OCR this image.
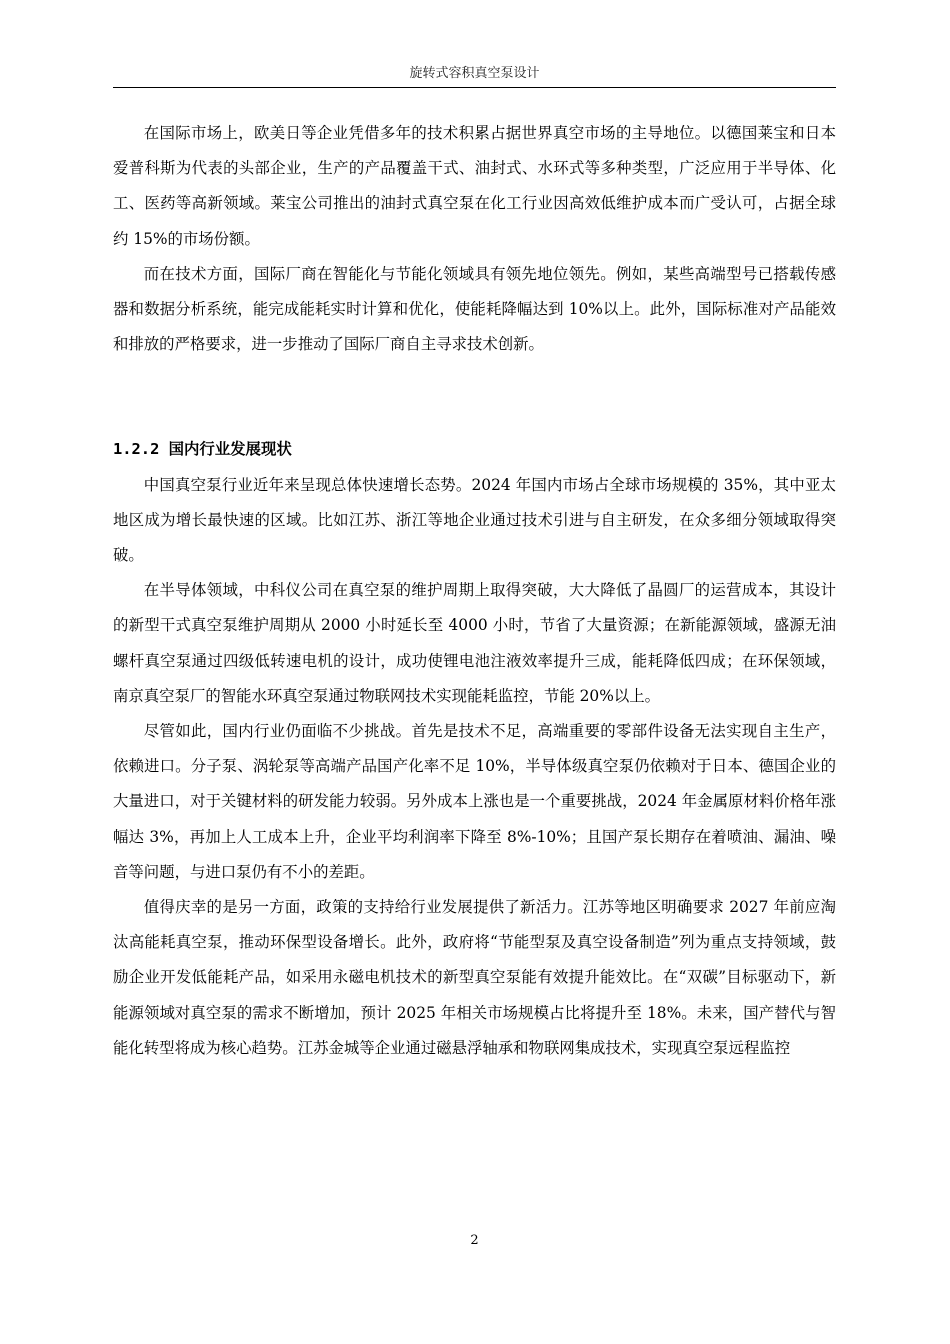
旋转式容积真空泵设计

在国际市场上，欧美日等企业凭借多年的技术积累占据世界真空市场的主导地位。以德国莱宝和日本爱普科斯为代表的头部企业，生产的产品覆盖干式、油封式、水环式等多种类型，广泛应用于半导体、化工、医药等高新领域。莱宝公司推出的油封式真空泵在化工行业因高效低维护成本而广受认可，占据全球约 15%的市场份额。

而在技术方面，国际厂商在智能化与节能化领域具有领先地位领先。例如，某些高端型号已搭载传感器和数据分析系统，能完成能耗实时计算和优化，使能耗降幅达到 10%以上。此外，国际标准对产品能效和排放的严格要求，进一步推动了国际厂商自主寻求技术创新。

1.2.2 国内行业发展现状

中国真空泵行业近年来呈现总体快速增长态势。2024 年国内市场占全球市场规模的 35%，其中亚太地区成为增长最快速的区域。比如江苏、浙江等地企业通过技术引进与自主研发，在众多细分领域取得突破。

在半导体领域，中科仪公司在真空泵的维护周期上取得突破，大大降低了晶圆厂的运营成本，其设计的新型干式真空泵维护周期从 2000 小时延长至 4000 小时，节省了大量资源；在新能源领域，盛源无油螺杆真空泵通过四级低转速电机的设计，成功使锂电池注液效率提升三成，能耗降低四成；在环保领域，南京真空泵厂的智能水环真空泵通过物联网技术实现能耗监控，节能 20%以上。

尽管如此，国内行业仍面临不少挑战。首先是技术不足，高端重要的零部件设备无法实现自主生产，依赖进口。分子泵、涡轮泵等高端产品国产化率不足 10%，半导体级真空泵仍依赖对于日本、德国企业的大量进口，对于关键材料的研发能力较弱。另外成本上涨也是一个重要挑战，2024 年金属原材料价格年涨幅达 3%，再加上人工成本上升，企业平均利润率下降至 8%-10%；且国产泵长期存在着喷油、漏油、噪音等问题，与进口泵仍有不小的差距。

值得庆幸的是另一方面，政策的支持给行业发展提供了新活力。江苏等地区明确要求 2027 年前应淘汰高能耗真空泵，推动环保型设备增长。此外，政府将“节能型泵及真空设备制造”列为重点支持领域，鼓励企业开发低能耗产品，如采用永磁电机技术的新型真空泵能有效提升能效比。在“双碳”目标驱动下，新能源领域对真空泵的需求不断增加，预计 2025 年相关市场规模占比将提升至 18%。未来，国产替代与智能化转型将成为核心趋势。江苏金城等企业通过磁悬浮轴承和物联网集成技术，实现真空泵远程监控

2
